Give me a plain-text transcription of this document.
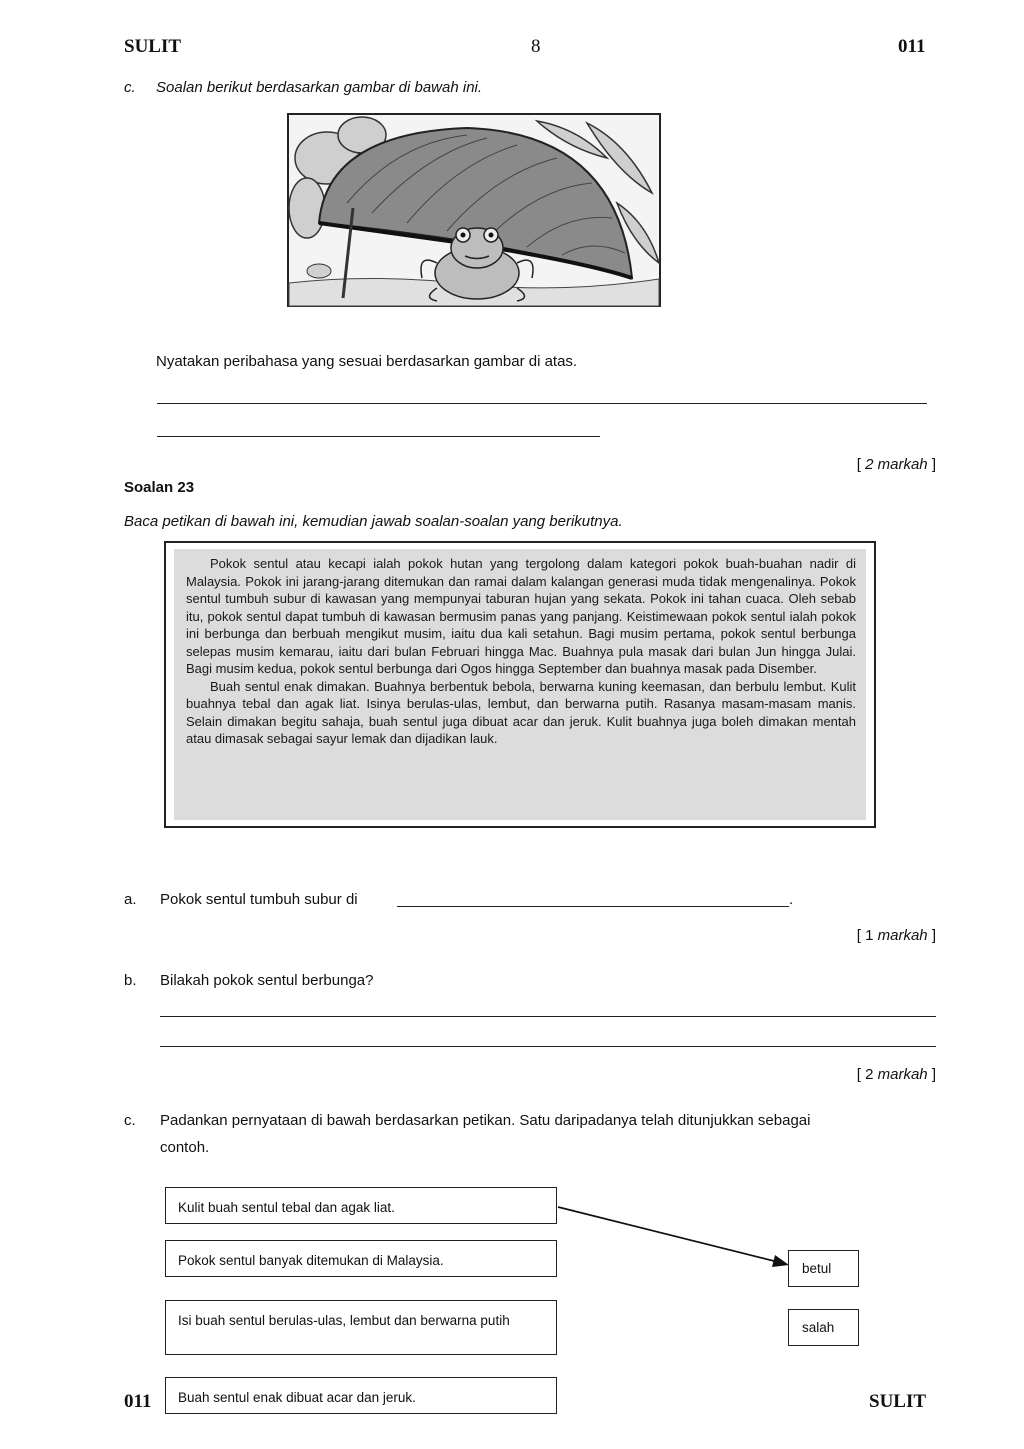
SULIT	8	011
c. Soalan berikut berdasarkan gambar di bawah ini.
Nyatakan peribahasa yang sesuai berdasarkan gambar di atas.
[ 2 markah ]
Soalan 23
Baca petikan di bawah ini, kemudian jawab soalan-soalan yang berikutnya.

Pokok sentul atau kecapi ialah pokok hutan yang tergolong dalam kategori pokok buah-buahan nadir di Malaysia. Pokok ini jarang-jarang ditemukan dan ramai dalam kalangan generasi muda tidak mengenalinya. Pokok sentul tumbuh subur di kawasan yang mempunyai taburan hujan yang sekata. Pokok ini tahan cuaca. Oleh sebab itu, pokok sentul dapat tumbuh di kawasan bermusim panas yang panjang. Keistimewaan pokok sentul ialah pokok ini berbunga dan berbuah mengikut musim, iaitu dua kali setahun. Bagi musim pertama, pokok sentul berbunga selepas musim kemarau, iaitu dari bulan Februari hingga Mac. Buahnya pula masak dari bulan Jun hingga Julai. Bagi musim kedua, pokok sentul berbunga dari Ogos hingga September dan buahnya masak pada Disember.

Buah sentul enak dimakan. Buahnya berbentuk bebola, berwarna kuning keemasan, dan berbulu lembut. Kulit buahnya tebal dan agak liat. Isinya berulas-ulas, lembut, dan berwarna putih. Rasanya masam-masam manis. Selain dimakan begitu sahaja, buah sentul juga dibuat acar dan jeruk. Kulit buahnya juga boleh dimakan mentah atau dimasak sebagai sayur lemak dan dijadikan lauk.

a. Pokok sentul tumbuh subur di	.
[ 1 markah ]
b. Bilakah pokok sentul berbunga?
[ 2 markah ]
c. Padankan pernyataan di bawah berdasarkan petikan. Satu daripadanya telah ditunjukkan sebagai
contoh.
Kulit buah sentul tebal dan agak liat.
Pokok sentul banyak ditemukan di Malaysia.
Isi buah sentul berulas-ulas, lembut dan berwarna putih
Buah sentul enak dibuat acar dan jeruk.
betul
salah
011	SULIT
